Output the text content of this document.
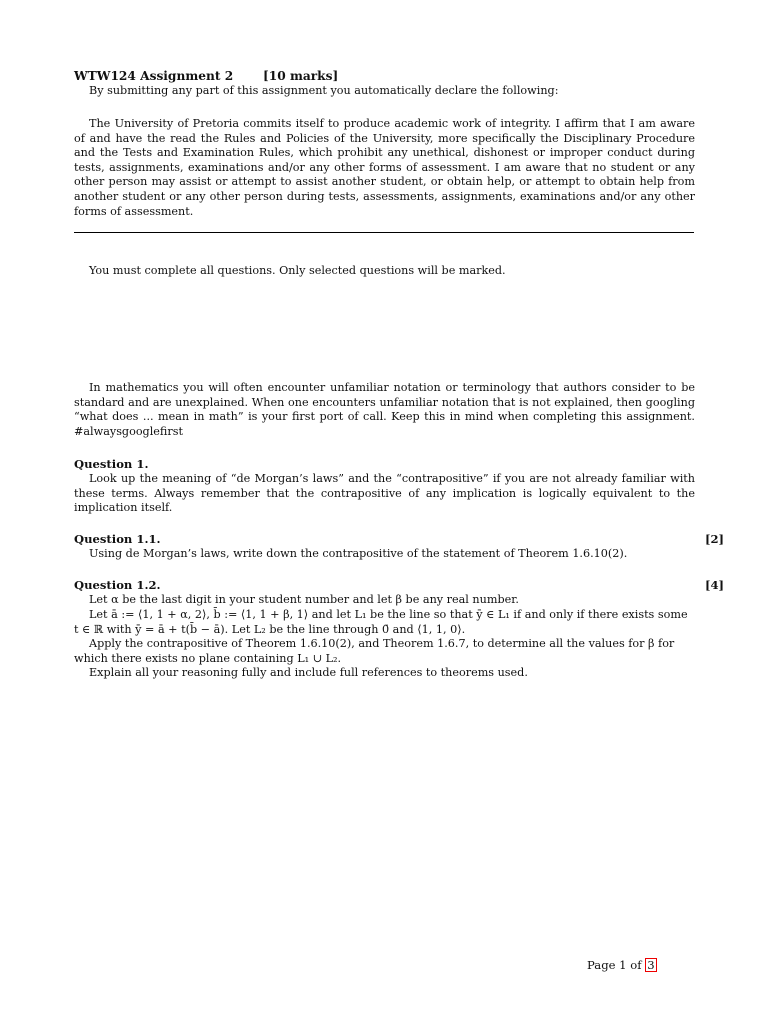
WTW124 Assignment 2 [10 marks]
By submitting any part of this assignment you automatically declare the following:
The University of Pretoria commits itself to produce academic work of integrity. I affirm that I am aware of and have the read the Rules and Policies of the University, more specifically the Disciplinary Procedure and the Tests and Examination Rules, which prohibit any unethical, dishonest or improper conduct during tests, assignments, examinations and/or any other forms of assessment. I am aware that no student or any other person may assist or attempt to assist another student, or obtain help, or attempt to obtain help from another student or any other person during tests, assessments, assignments, examinations and/or any other forms of assessment.
You must complete all questions. Only selected questions will be marked.
In mathematics you will often encounter unfamiliar notation or terminology that authors consider to be standard and are unexplained. When one encounters unfamiliar notation that is not explained, then googling “what does ... mean in math” is your first port of call. Keep this in mind when completing this assignment. #alwaysgooglefirst
Question 1.
Look up the meaning of “de Morgan’s laws” and the “contrapositive” if you are not already familiar with these terms. Always remember that the contrapositive of any implication is logically equivalent to the implication itself.
Question 1.1.	[2]
Using de Morgan’s laws, write down the contrapositive of the statement of Theorem 1.6.10(2).
Question 1.2.	[4]
Let α be the last digit in your student number and let β be any real number.
Let ā := ⟨1, 1 + α, 2⟩, b̄ := ⟨1, 1 + β, 1⟩ and let L₁ be the line so that ȳ ∈ L₁ if and only if there exists some
t ∈ ℝ with ȳ = ā + t(b̄ − ā). Let L₂ be the line through 0̄ and ⟨1, 1, 0⟩.
Apply the contrapositive of Theorem 1.6.10(2), and Theorem 1.6.7, to determine all the values for β for
which there exists no plane containing L₁ ∪ L₂.
Explain all your reasoning fully and include full references to theorems used.
Page 1 of 3
